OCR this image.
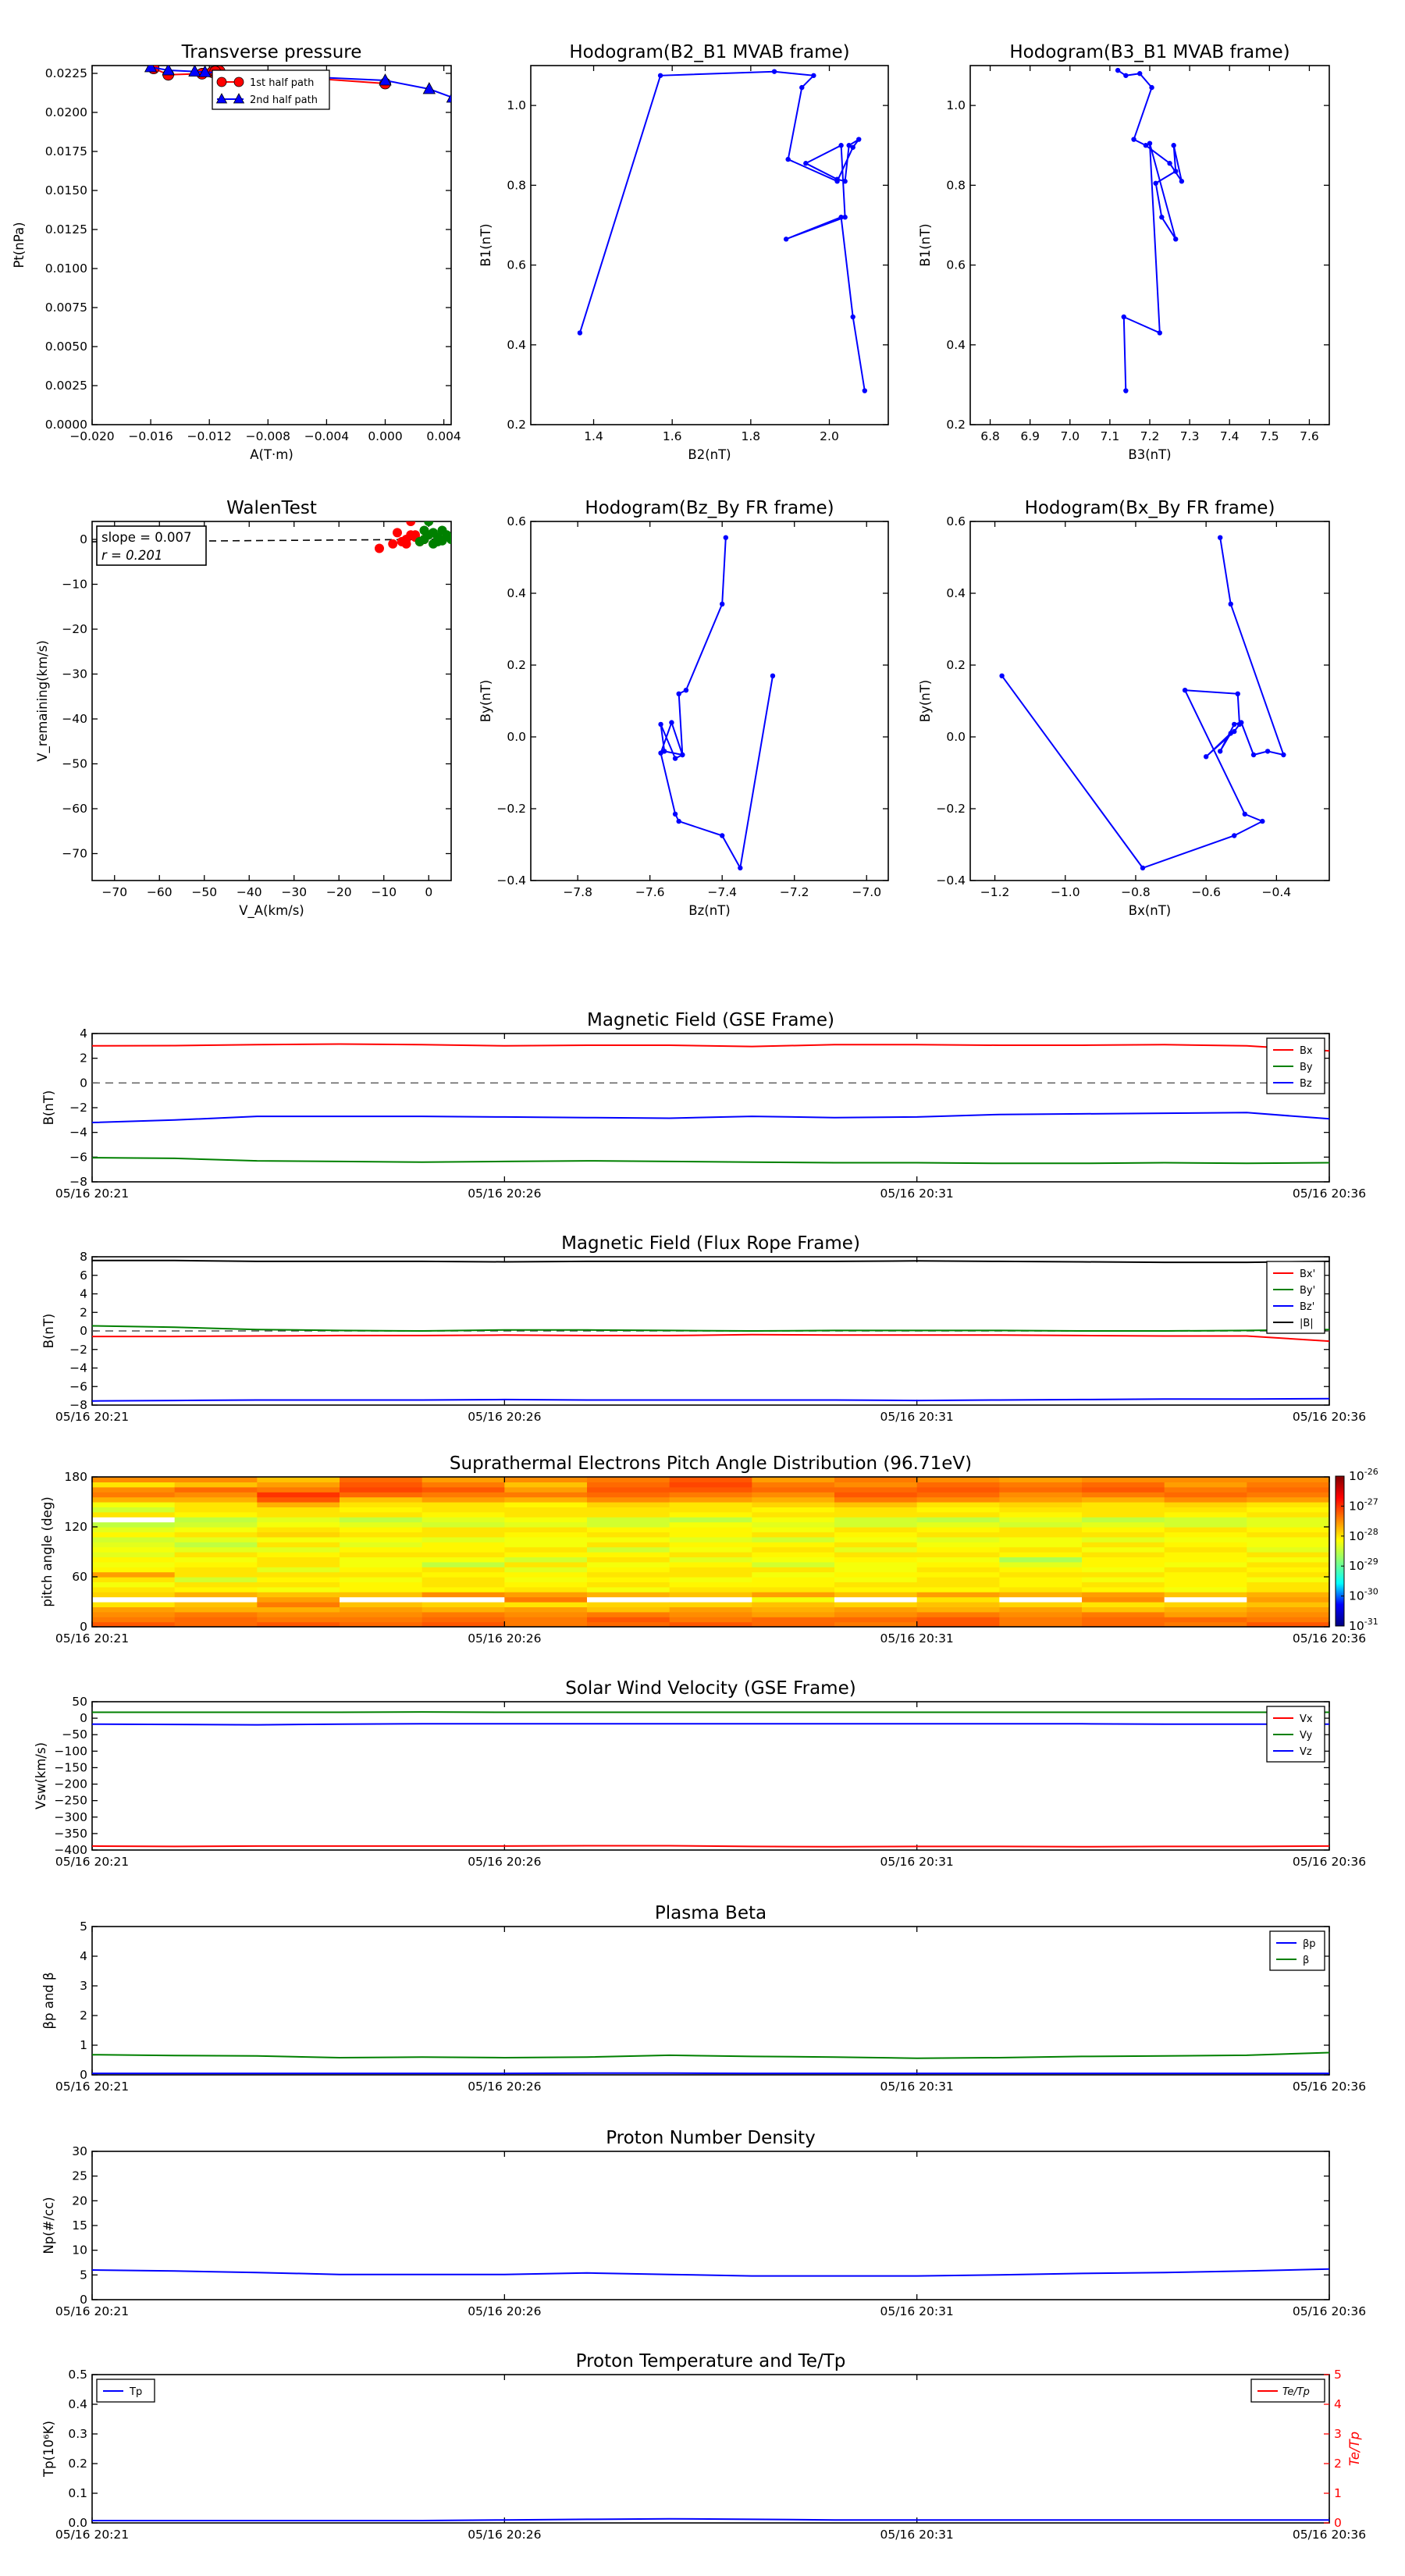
Transverse pressure
−0.020 −0.016 −0.012 −0.008 −0.004 0.000 0.004
0.0000
0.0025
0.0050
0.0075
0.0100
0.0125
0.0150
0.0175
0.0200
0.0225
A(T·m)
Pt(nPa)
1st half path
2nd half path
Hodogram(B2_B1 MVAB frame)
1.4	1.6	1.8	2.0
0.2
0.4
0.6
0.8
1.0
B2(nT)
B1(nT)
Hodogram(B3_B1 MVAB frame)
6.8 6.9 7.0 7.1 7.2 7.3 7.4 7.5 7.6
0.2
0.4
0.6
0.8
1.0
B3(nT)
B1(nT)
WalenTest
−70 −60 −50 −40 −30 −20 −10 0
−70
−60
−50
−40
−30
−20
−10
0
V_A(km/s)
V_remaining(km/s)
slope = 0.007
r = 0.201
Hodogram(Bz_By FR frame)
−7.8	−7.6	−7.4	−7.2	−7.0
−0.4
−0.2
0.0
0.2
0.4
0.6
Bz(nT)
By(nT)
Hodogram(Bx_By FR frame)
−1.2	−1.0	−0.8	−0.6	−0.4
−0.4
−0.2
0.0
0.2
0.4
0.6
Bx(nT)
By(nT)
Magnetic Field (GSE Frame)
05/16 20:21	05/16 20:26	05/16 20:31	05/16 20:36
−8
−6
−4
−2
0
2
4
B(nT)
Bx
By
Bz
Magnetic Field (Flux Rope Frame)
05/16 20:21	05/16 20:26	05/16 20:31	05/16 20:36
−8
−6
−4
−2
0
2
4
6
8
B(nT)
Bx'
By'
Bz'
|B|
Suprathermal Electrons Pitch Angle Distribution (96.71eV)
05/16 20:21	05/16 20:26	05/16 20:31	05/16 20:36
0
60
120
180
pitch angle (deg)
$10^{-26}$
$10^{-27}$
$10^{-28}$
$10^{-29}$
$10^{-30}$
$10^{-31}$
Solar Wind Velocity (GSE Frame)
05/16 20:21	05/16 20:26	05/16 20:31	05/16 20:36
−400
−350
−300
−250
−200
−150
−100
−50
0
50
Vsw(km/s)
Vx
Vy
Vz
Plasma Beta
05/16 20:21	05/16 20:26	05/16 20:31	05/16 20:36
0
1
2
3
4
5
βp and β
βp
β
Proton Number Density
05/16 20:21	05/16 20:26	05/16 20:31	05/16 20:36
0
5
10
15
20
25
30
Np(#/cc)
Proton Temperature and Te/Tp
05/16 20:21	05/16 20:26	05/16 20:31	05/16 20:36
0.0
0.1
0.2
0.3
0.4
0.5
0
1
2
3
4
5
Tp(10⁶K)	Te/Tp
Tp	Te/Tp
